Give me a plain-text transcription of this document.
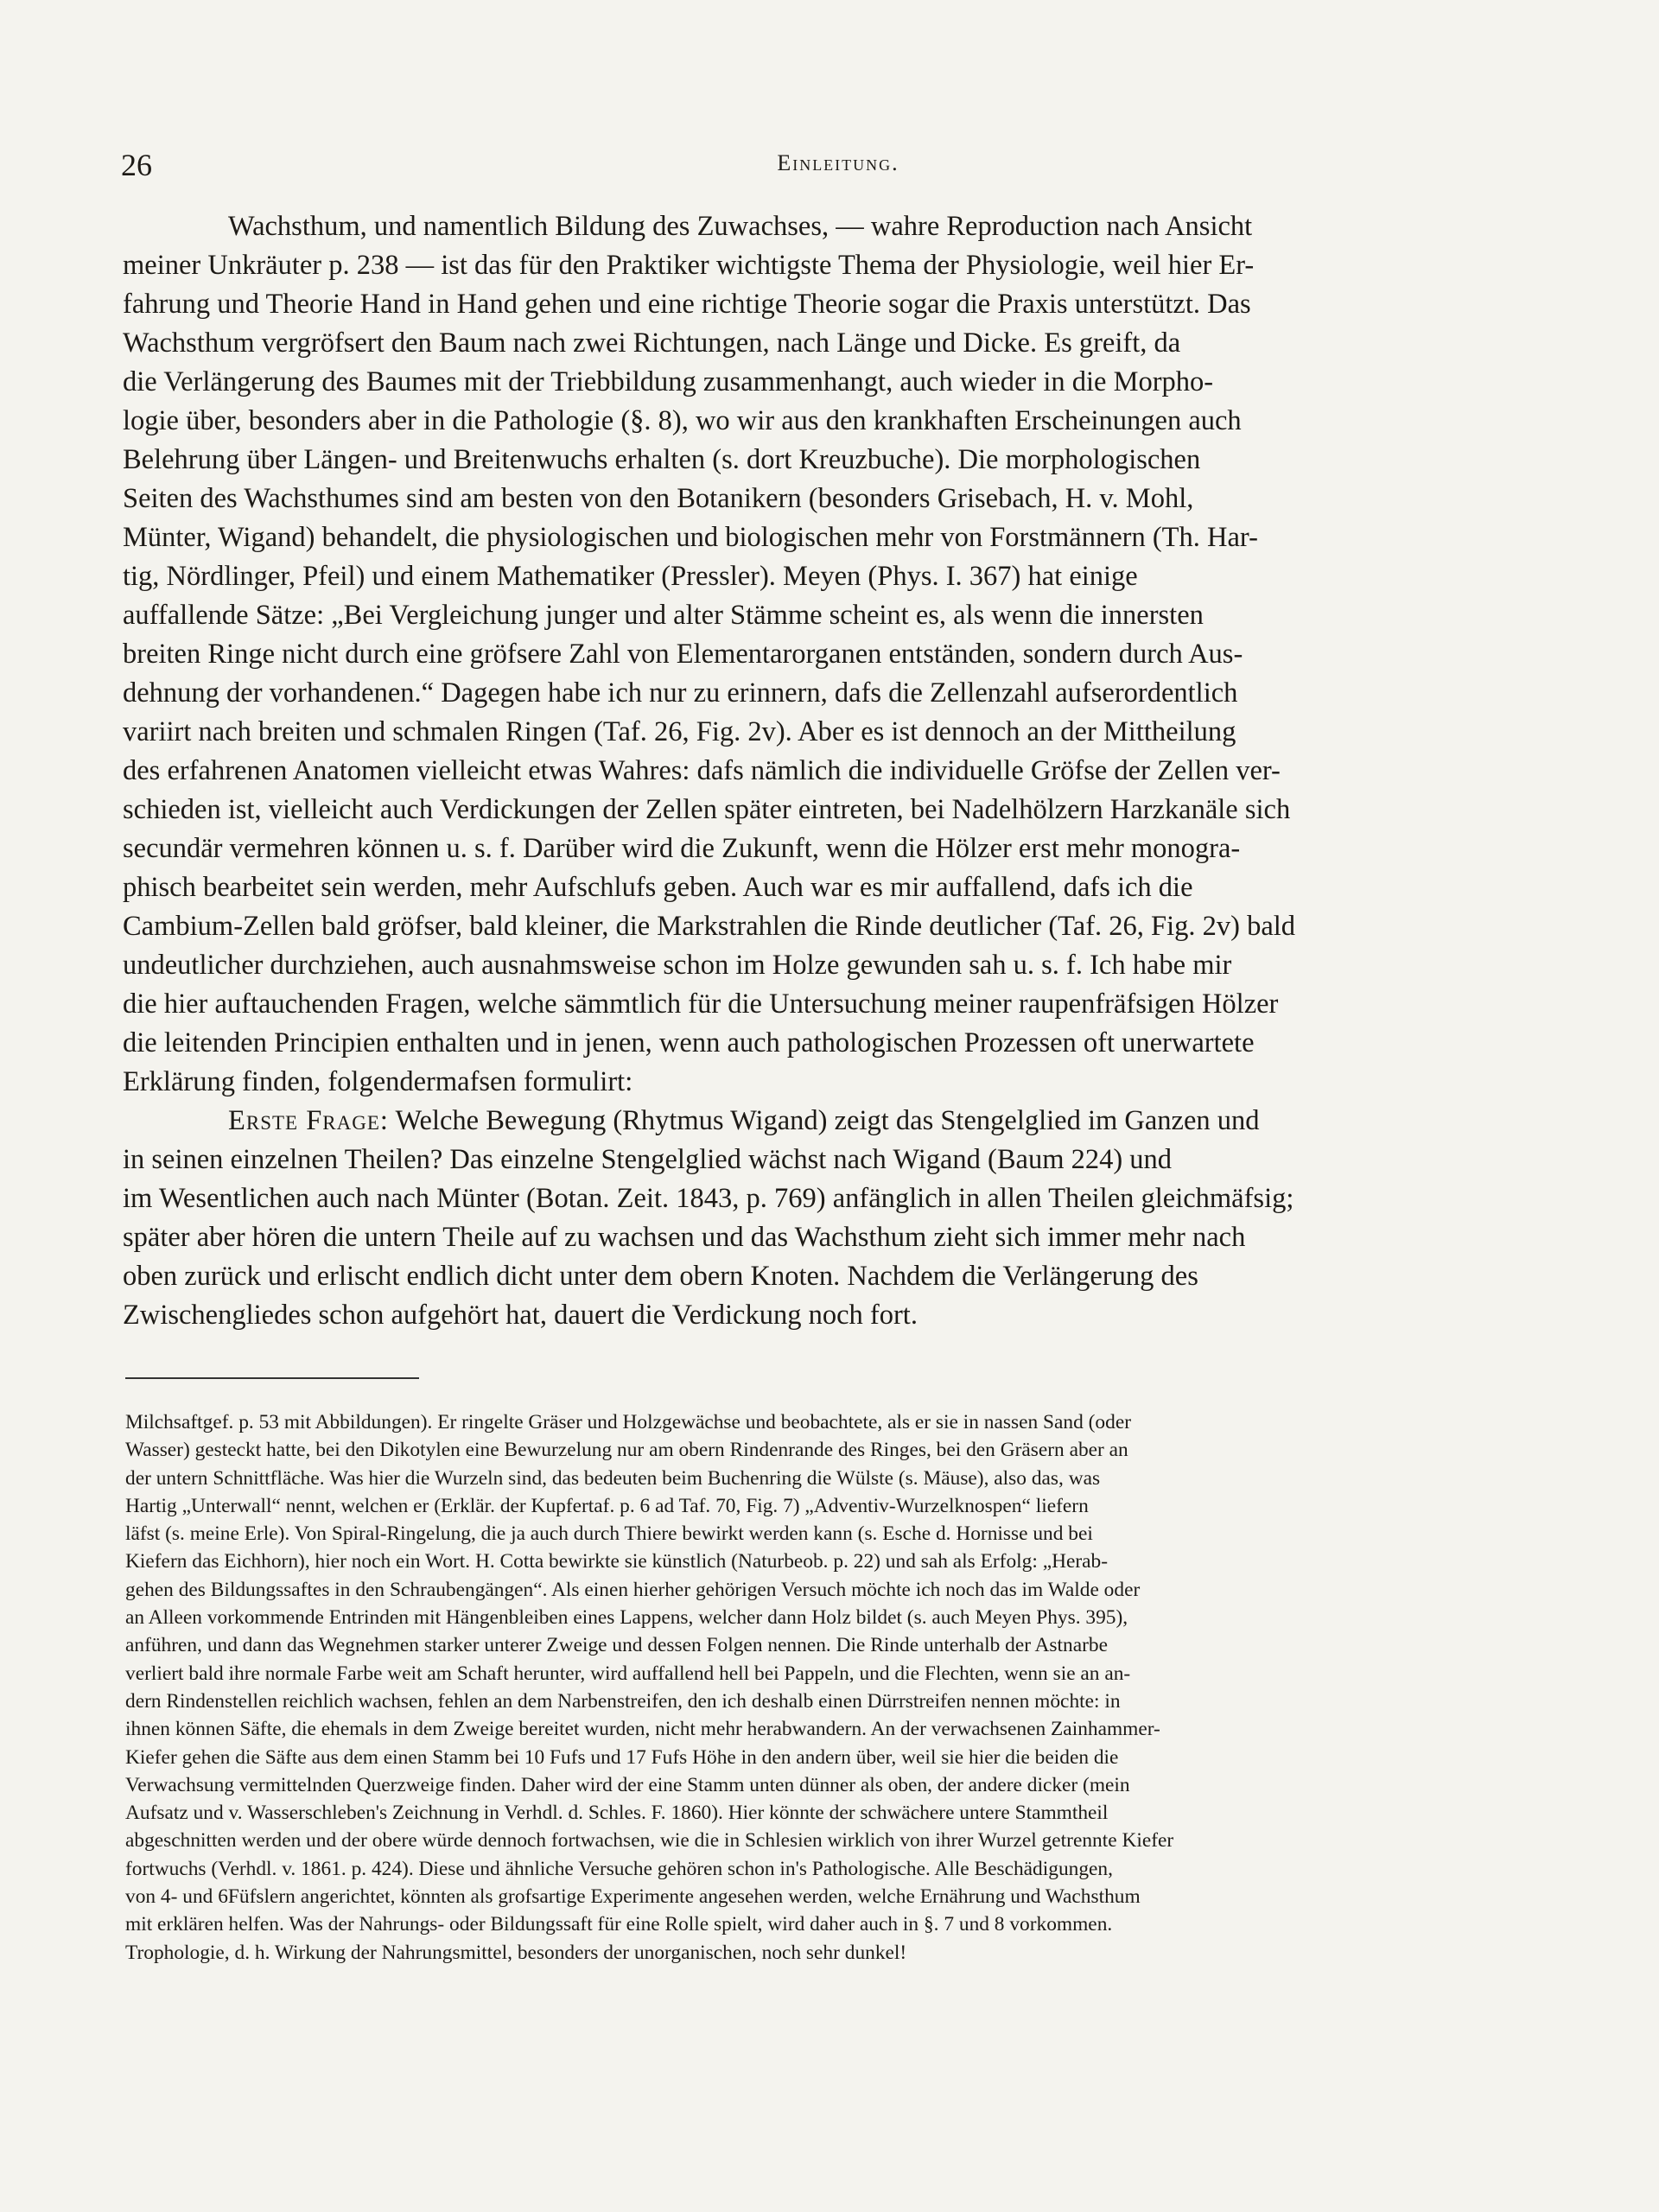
26	Einleitung.
Wachsthum, und namentlich Bildung des Zuwachses, — wahre Reproduction nach Ansicht
meiner Unkräuter p. 238 — ist das für den Praktiker wichtigste Thema der Physiologie, weil hier Er-
fahrung und Theorie Hand in Hand gehen und eine richtige Theorie sogar die Praxis unterstützt. Das
Wachsthum vergröfsert den Baum nach zwei Richtungen, nach Länge und Dicke. Es greift, da
die Verlängerung des Baumes mit der Triebbildung zusammenhangt, auch wieder in die Morpho-
logie über, besonders aber in die Pathologie (§. 8), wo wir aus den krankhaften Erscheinungen auch
Belehrung über Längen- und Breitenwuchs erhalten (s. dort Kreuzbuche). Die morphologischen
Seiten des Wachsthumes sind am besten von den Botanikern (besonders Grisebach, H. v. Mohl,
Münter, Wigand) behandelt, die physiologischen und biologischen mehr von Forstmännern (Th. Har-
tig, Nördlinger, Pfeil) und einem Mathematiker (Pressler). Meyen (Phys. I. 367) hat einige
auffallende Sätze: „Bei Vergleichung junger und alter Stämme scheint es, als wenn die innersten
breiten Ringe nicht durch eine gröfsere Zahl von Elementarorganen entständen, sondern durch Aus-
dehnung der vorhandenen.“ Dagegen habe ich nur zu erinnern, dafs die Zellenzahl aufserordentlich
variirt nach breiten und schmalen Ringen (Taf. 26, Fig. 2v). Aber es ist dennoch an der Mittheilung
des erfahrenen Anatomen vielleicht etwas Wahres: dafs nämlich die individuelle Gröfse der Zellen ver-
schieden ist, vielleicht auch Verdickungen der Zellen später eintreten, bei Nadelhölzern Harzkanäle sich
secundär vermehren können u. s. f. Darüber wird die Zukunft, wenn die Hölzer erst mehr monogra-
phisch bearbeitet sein werden, mehr Aufschlufs geben. Auch war es mir auffallend, dafs ich die
Cambium-Zellen bald gröfser, bald kleiner, die Markstrahlen die Rinde deutlicher (Taf. 26, Fig. 2v) bald
undeutlicher durchziehen, auch ausnahmsweise schon im Holze gewunden sah u. s. f. Ich habe mir
die hier auftauchenden Fragen, welche sämmtlich für die Untersuchung meiner raupenfräfsigen Hölzer
die leitenden Principien enthalten und in jenen, wenn auch pathologischen Prozessen oft unerwartete
Erklärung finden, folgendermafsen formulirt:
Erste Frage: Welche Bewegung (Rhytmus Wigand) zeigt das Stengelglied im Ganzen und
in seinen einzelnen Theilen? Das einzelne Stengelglied wächst nach Wigand (Baum 224) und
im Wesentlichen auch nach Münter (Botan. Zeit. 1843, p. 769) anfänglich in allen Theilen gleichmäfsig;
später aber hören die untern Theile auf zu wachsen und das Wachsthum zieht sich immer mehr nach
oben zurück und erlischt endlich dicht unter dem obern Knoten. Nachdem die Verlängerung des
Zwischengliedes schon aufgehört hat, dauert die Verdickung noch fort.
Milchsaftgef. p. 53 mit Abbildungen). Er ringelte Gräser und Holzgewächse und beobachtete, als er sie in nassen Sand (oder
Wasser) gesteckt hatte, bei den Dikotylen eine Bewurzelung nur am obern Rindenrande des Ringes, bei den Gräsern aber an
der untern Schnittfläche. Was hier die Wurzeln sind, das bedeuten beim Buchenring die Wülste (s. Mäuse), also das, was
Hartig „Unterwall“ nennt, welchen er (Erklär. der Kupfertaf. p. 6 ad Taf. 70, Fig. 7) „Adventiv-Wurzelknospen“ liefern
läfst (s. meine Erle). Von Spiral-Ringelung, die ja auch durch Thiere bewirkt werden kann (s. Esche d. Hornisse und bei
Kiefern das Eichhorn), hier noch ein Wort. H. Cotta bewirkte sie künstlich (Naturbeob. p. 22) und sah als Erfolg: „Herab-
gehen des Bildungssaftes in den Schraubengängen“. Als einen hierher gehörigen Versuch möchte ich noch das im Walde oder
an Alleen vorkommende Entrinden mit Hängenbleiben eines Lappens, welcher dann Holz bildet (s. auch Meyen Phys. 395),
anführen, und dann das Wegnehmen starker unterer Zweige und dessen Folgen nennen. Die Rinde unterhalb der Astnarbe
verliert bald ihre normale Farbe weit am Schaft herunter, wird auffallend hell bei Pappeln, und die Flechten, wenn sie an an-
dern Rindenstellen reichlich wachsen, fehlen an dem Narbenstreifen, den ich deshalb einen Dürrstreifen nennen möchte: in
ihnen können Säfte, die ehemals in dem Zweige bereitet wurden, nicht mehr herabwandern. An der verwachsenen Zainhammer-
Kiefer gehen die Säfte aus dem einen Stamm bei 10 Fufs und 17 Fufs Höhe in den andern über, weil sie hier die beiden die
Verwachsung vermittelnden Querzweige finden. Daher wird der eine Stamm unten dünner als oben, der andere dicker (mein
Aufsatz und v. Wasserschleben's Zeichnung in Verhdl. d. Schles. F. 1860). Hier könnte der schwächere untere Stammtheil
abgeschnitten werden und der obere würde dennoch fortwachsen, wie die in Schlesien wirklich von ihrer Wurzel getrennte Kiefer
fortwuchs (Verhdl. v. 1861. p. 424). Diese und ähnliche Versuche gehören schon in's Pathologische. Alle Beschädigungen,
von 4- und 6Füfslern angerichtet, könnten als grofsartige Experimente angesehen werden, welche Ernährung und Wachsthum
mit erklären helfen. Was der Nahrungs- oder Bildungssaft für eine Rolle spielt, wird daher auch in §. 7 und 8 vorkommen.
Trophologie, d. h. Wirkung der Nahrungsmittel, besonders der unorganischen, noch sehr dunkel!
